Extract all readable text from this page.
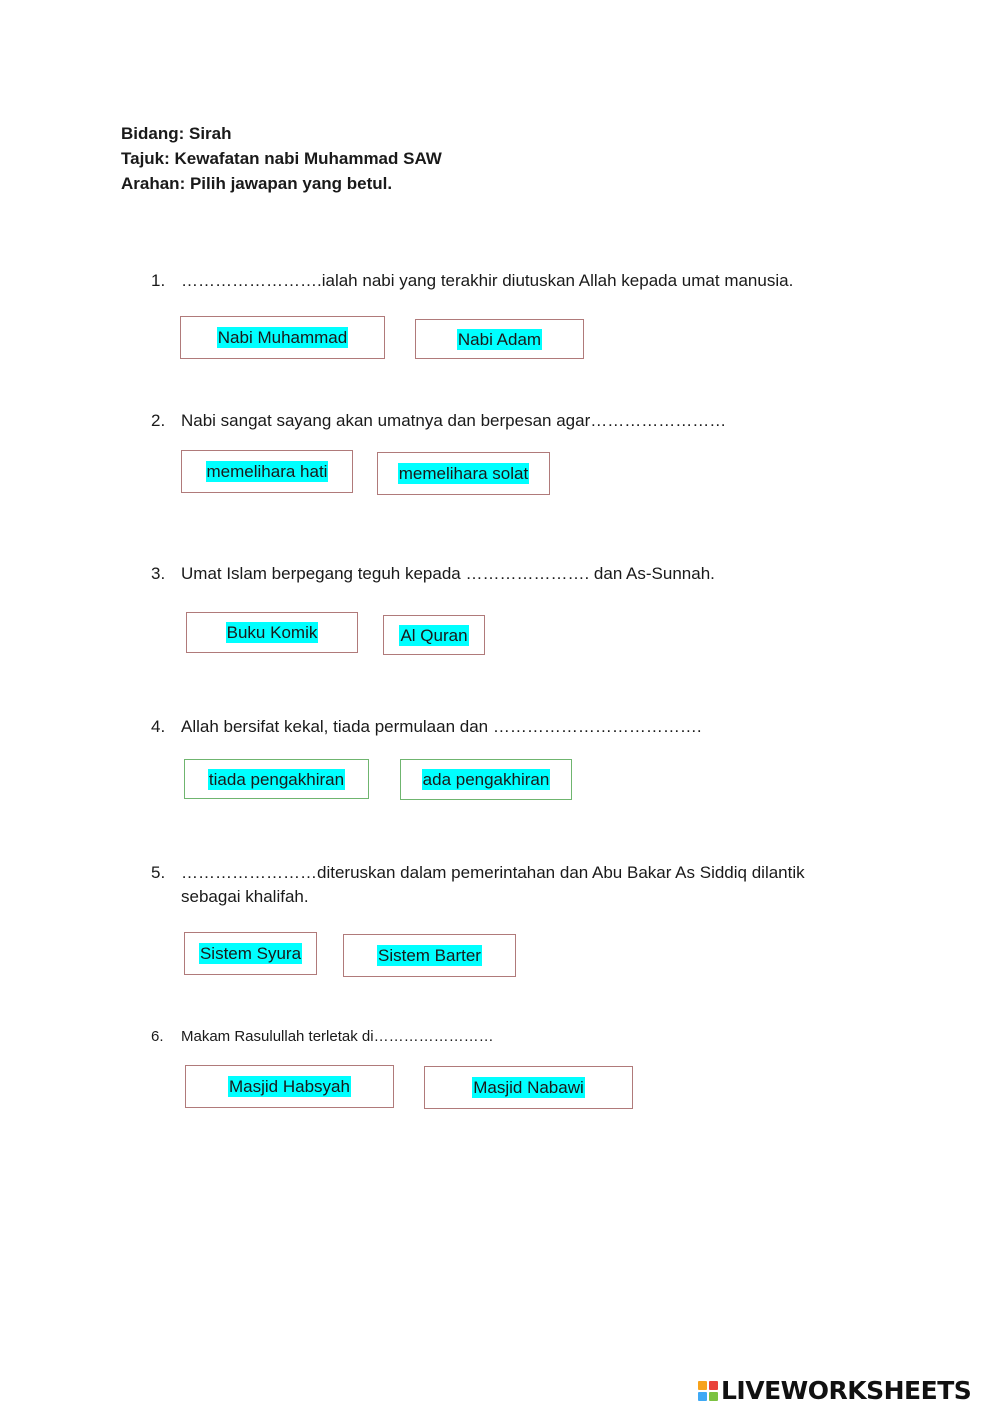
Bidang: Sirah
Tajuk: Kewafatan nabi Muhammad SAW
Arahan: Pilih jawapan yang betul.
1. …………………….ialah nabi yang terakhir diutuskan Allah kepada umat manusia.
Nabi Muhammad	Nabi Adam
2. Nabi sangat sayang akan umatnya dan berpesan agar……………………
memelihara hati	memelihara solat
3. Umat Islam berpegang teguh kepada …………………. dan As-Sunnah.
Buku Komik	Al Quran
4. Allah bersifat kekal, tiada permulaan dan ……………………………….
tiada pengakhiran	ada pengakhiran
5. ……………………diteruskan dalam pemerintahan dan Abu Bakar As Siddiq dilantik sebagai khalifah.
Sistem Syura	Sistem Barter
6.	Makam Rasulullah terletak di……………………
Masjid Habsyah	Masjid Nabawi
LIVEWORKSHEETS
